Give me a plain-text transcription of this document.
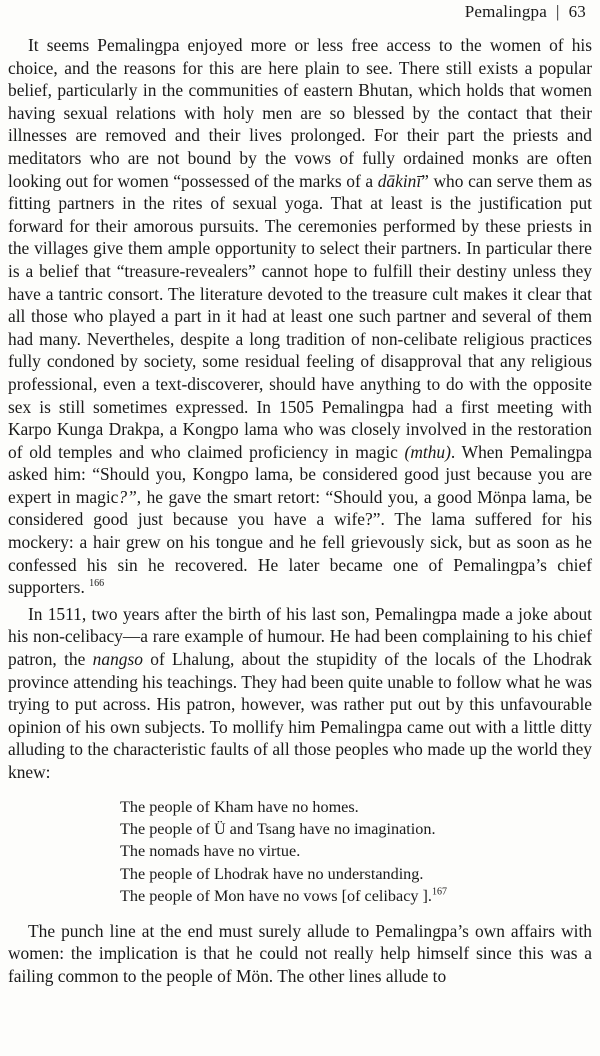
Pemalingpa | 63

It seems Pemalingpa enjoyed more or less free access to the women of his choice, and the reasons for this are here plain to see. There still exists a popular belief, particularly in the communities of eastern Bhutan, which holds that women having sexual relations with holy men are so blessed by the contact that their illnesses are removed and their lives prolonged. For their part the priests and meditators who are not bound by the vows of fully ordained monks are often looking out for women “possessed of the marks of a dākinī” who can serve them as fitting partners in the rites of sexual yoga. That at least is the justification put forward for their amorous pursuits. The ceremonies performed by these priests in the villages give them ample opportunity to select their partners. In particular there is a belief that “treasure-revealers” cannot hope to fulfill their destiny unless they have a tantric consort. The literature devoted to the treasure cult makes it clear that all those who played a part in it had at least one such partner and several of them had many. Nevertheles, despite a long tradition of non-celibate religious practices fully condoned by society, some residual feeling of disapproval that any religious professional, even a text-discoverer, should have anything to do with the opposite sex is still sometimes expressed. In 1505 Pemalingpa had a first meeting with Karpo Kunga Drakpa, a Kongpo lama who was closely involved in the restoration of old temples and who claimed proficiency in magic (mthu). When Pemalingpa asked him: “Should you, Kongpo lama, be considered good just because you are expert in magic?”, he gave the smart retort: “Should you, a good Mönpa lama, be considered good just because you have a wife?”. The lama suffered for his mockery: a hair grew on his tongue and he fell grievously sick, but as soon as he confessed his sin he recovered. He later became one of Pemalingpa’s chief supporters. $^{166}$

In 1511, two years after the birth of his last son, Pemalingpa made a joke about his non-celibacy—a rare example of humour. He had been complaining to his chief patron, the nangso of Lhalung, about the stupidity of the locals of the Lhodrak province attending his teachings. They had been quite unable to follow what he was trying to put across. His patron, however, was rather put out by this unfavourable opinion of his own subjects. To mollify him Pemalingpa came out with a little ditty alluding to the characteristic faults of all those peoples who made up the world they knew:

The people of Kham have no homes.
The people of Ü and Tsang have no imagination.
The nomads have no virtue.
The people of Lhodrak have no understanding.
The people of Mon have no vows [of celibacy ].$^{167}$

The punch line at the end must surely allude to Pemalingpa’s own affairs with women: the implication is that he could not really help himself since this was a failing common to the people of Mön. The other lines allude to
